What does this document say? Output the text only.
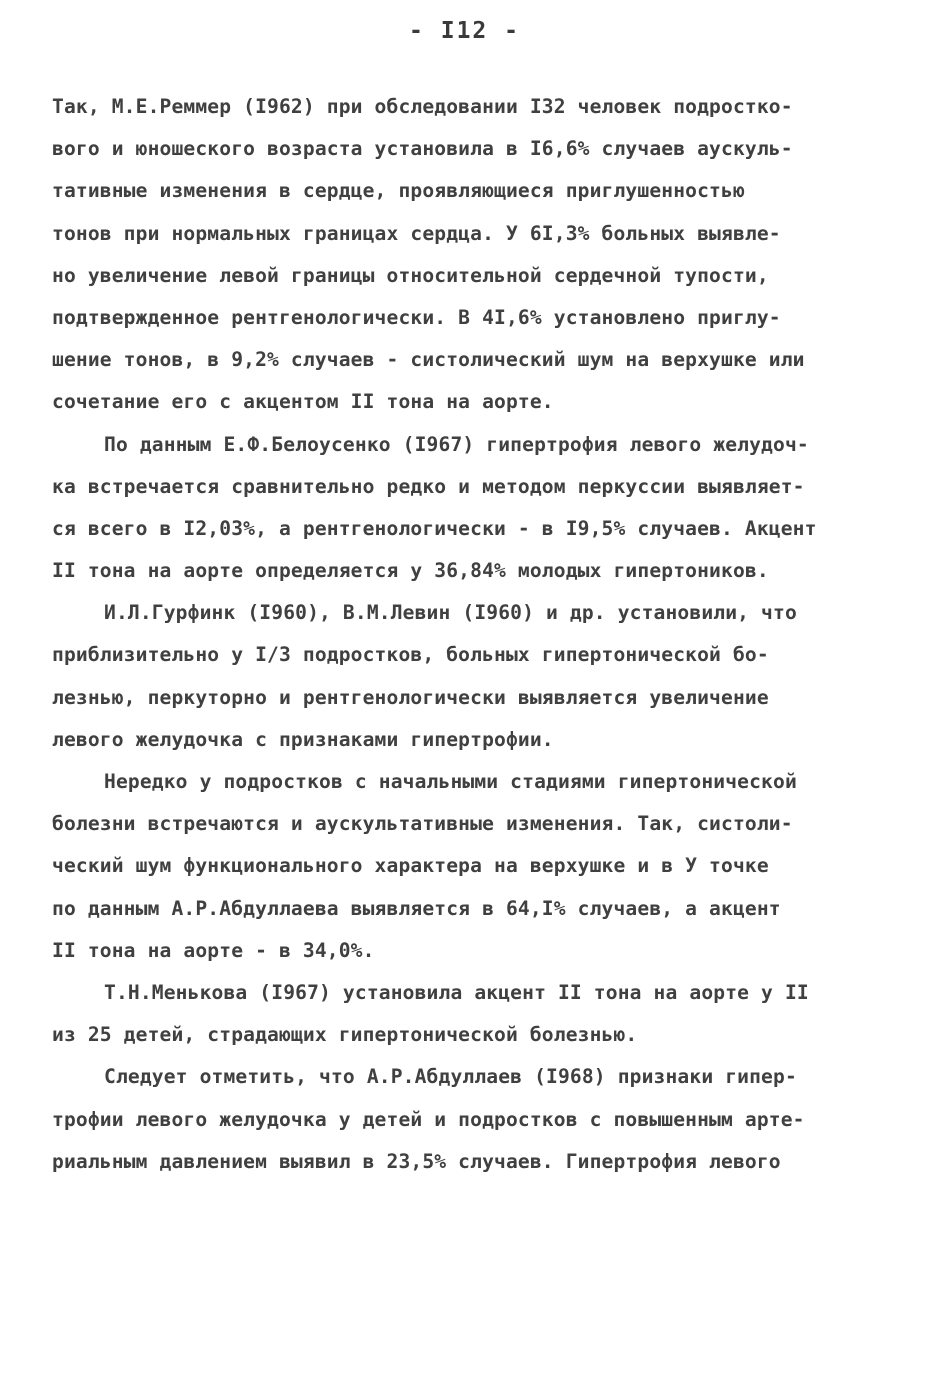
- I12 -
Так, М.Е.Реммер (I962) при обследовании I32 человек подростко-
вого и юношеского возраста установила в I6,6% случаев аускуль-
тативные изменения в сердце, проявляющиеся приглушенностью
тонов при нормальных границах сердца. У 6I,3% больных выявле-
но увеличение левой границы относительной сердечной тупости,
подтвержденное рентгенологически. В 4I,6% установлено приглу-
шение тонов, в 9,2% случаев - систолический шум на верхушке или
сочетание его с акцентом II тона на аорте.
По данным Е.Ф.Белоусенко (I967) гипертрофия левого желудоч-
ка встречается сравнительно редко и методом перкуссии выявляет-
ся всего в I2,03%, а рентгенологически - в I9,5% случаев. Акцент
II тона на аорте определяется у 36,84% молодых гипертоников.
И.Л.Гурфинк (I960), В.М.Левин (I960) и др. установили, что
приблизительно у I/3 подростков, больных гипертонической бо-
лезнью, перкуторно и рентгенологически выявляется увеличение
левого желудочка с признаками гипертрофии.
Нередко у подростков с начальными стадиями гипертонической
болезни встречаются и аускультативные изменения. Так, систоли-
ческий шум функционального характера на верхушке и в У точке
по данным А.Р.Абдуллаева выявляется в 64,I% случаев, а акцент
II тона на аорте - в 34,0%.
Т.Н.Менькова (I967) установила акцент II тона на аорте у II
из 25 детей, страдающих гипертонической болезнью.
Следует отметить, что А.Р.Абдуллаев (I968) признаки гипер-
трофии левого желудочка у детей и подростков с повышенным арте-
риальным давлением выявил в 23,5% случаев. Гипертрофия левого
